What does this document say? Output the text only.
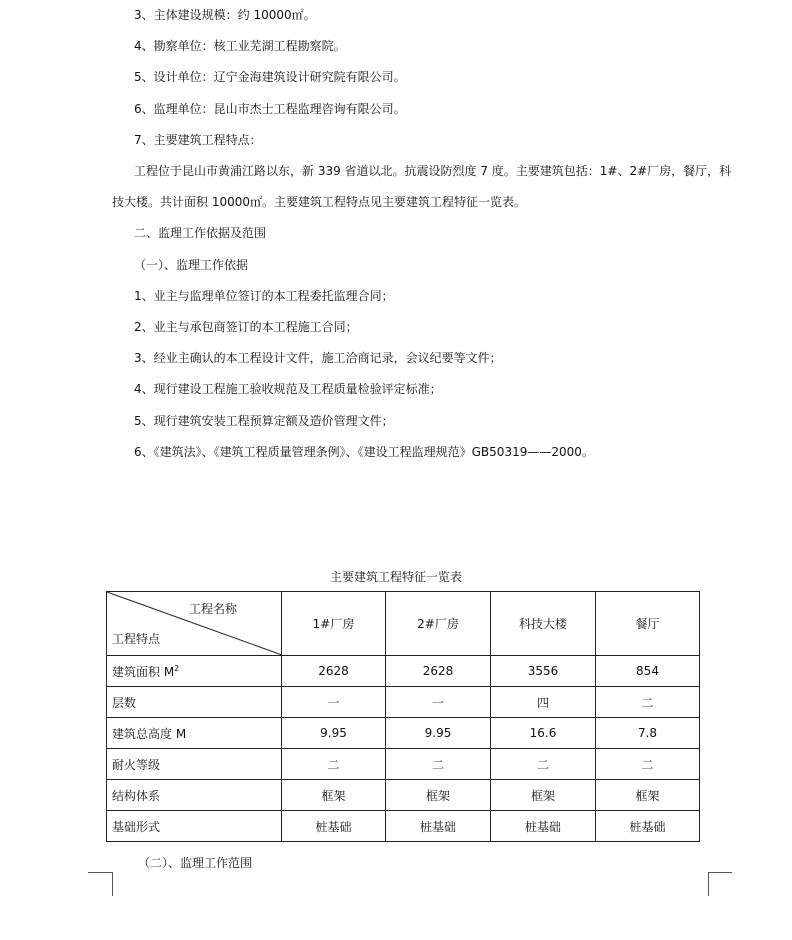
3、主体建设规模：约 10000㎡。
4、勘察单位：核工业芜湖工程勘察院。
5、设计单位：辽宁金海建筑设计研究院有限公司。
6、监理单位：昆山市杰士工程监理咨询有限公司。
7、主要建筑工程特点：
工程位于昆山市黄浦江路以东，新 339 省道以北。抗震设防烈度 7 度。主要建筑包括：1#、2#厂房，餐厅，科
技大楼。共计面积 10000㎡。主要建筑工程特点见主要建筑工程特征一览表。
二、监理工作依据及范围
（一）、监理工作依据
1、业主与监理单位签订的本工程委托监理合同；
2、业主与承包商签订的本工程施工合同；
3、经业主确认的本工程设计文件，施工洽商记录，会议纪要等文件；
4、现行建设工程施工验收规范及工程质量检验评定标准；
5、现行建筑安装工程预算定额及造价管理文件；
6、《建筑法》、《建筑工程质量管理条例》、《建设工程监理规范》GB50319——2000。
主要建筑工程特征一览表
工程名称
工程特点	1#厂房	2#厂房	科技大楼	餐厅
建筑面积 $M^2$	2628	2628	3556	854
层数	一	一	四	二
建筑总高度 M	9.95	9.95	16.6	7.8
耐火等级	二	二	二	二
结构体系	框架	框架	框架	框架
基础形式	桩基础	桩基础	桩基础	桩基础
（二）、监理工作范围
